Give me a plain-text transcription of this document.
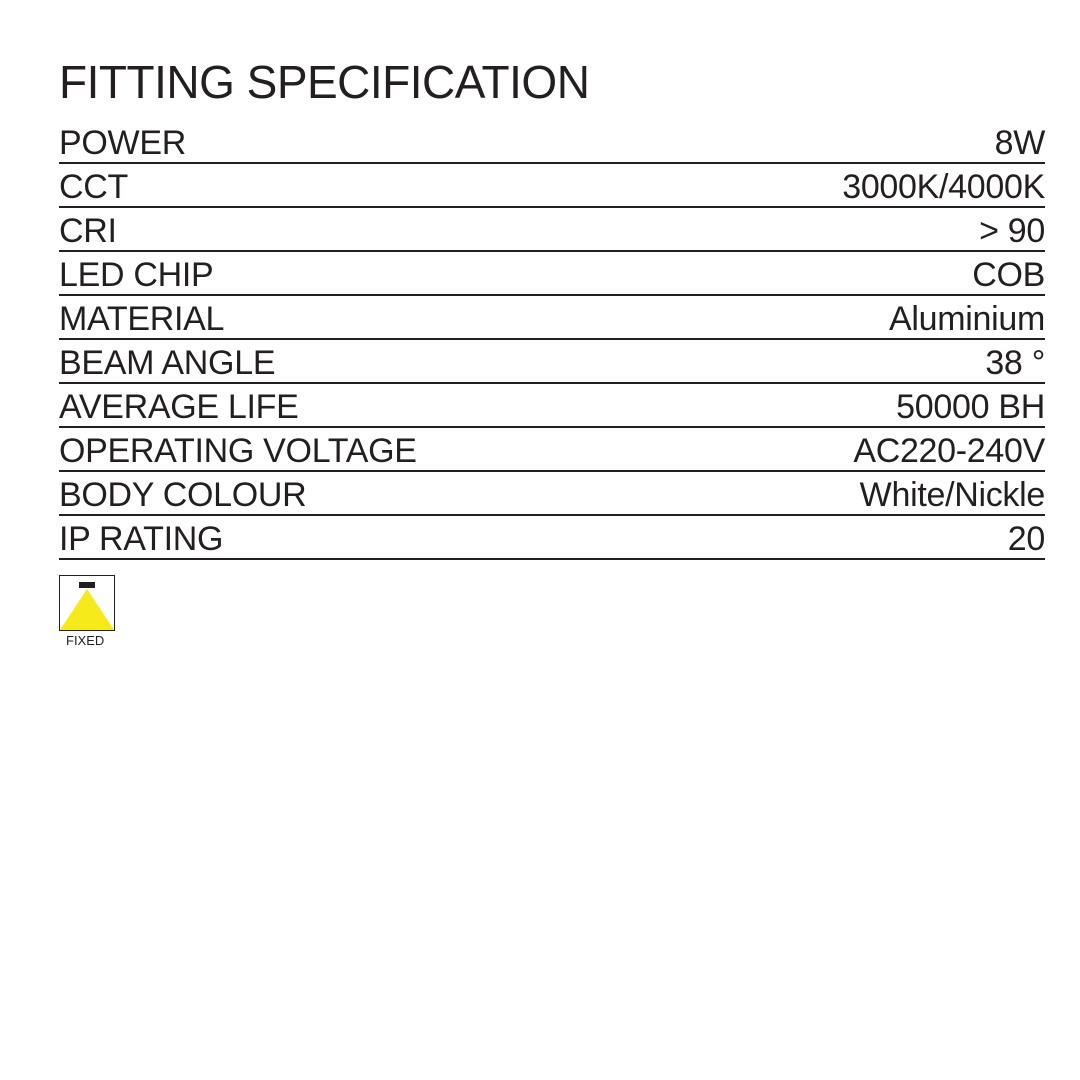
FITTING SPECIFICATION
POWER	8W
CCT	3000K/4000K
CRI	> 90
LED CHIP	COB
MATERIAL	Aluminium
BEAM ANGLE	38 °
AVERAGE LIFE	50000 BH
OPERATING VOLTAGE	AC220-240V
BODY COLOUR	White/Nickle
IP RATING	20
FIXED
